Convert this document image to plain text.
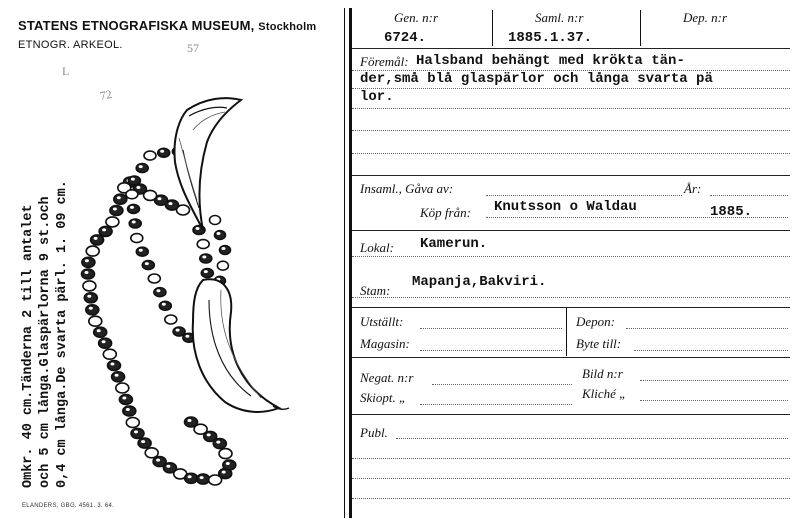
STATENS ETNOGRAFISKA MUSEUM, Stockholm
ETNOGR. ARKEOL.	57
L
72
Omkr. 40 cm.Tänderna 2 till antalet och 5 cm långa.Glaspärlorna 9 st.och 0,4 cm långa.De svarta pärl. 1. 09 cm.
ELANDERS, GBG. 4561. 3. 64.
Gen. n:r	Saml. n:r	Dep. n:r
6724.	1885.1.37.
Föremål: Halsband behängt med krökta tän-
der,små blå glaspärlor och långa svarta pä
lor.
Insaml., Gåva av:	År:
Köp från: Knutsson o Waldau	1885.
Lokal: Kamerun.
Stam:
Mapanja,Bakviri.
Utställt:	Depon:
Magasin:	Byte till:
Negat. n:r	Bild n:r
Skiopt. „	Kliché „
Publ.
